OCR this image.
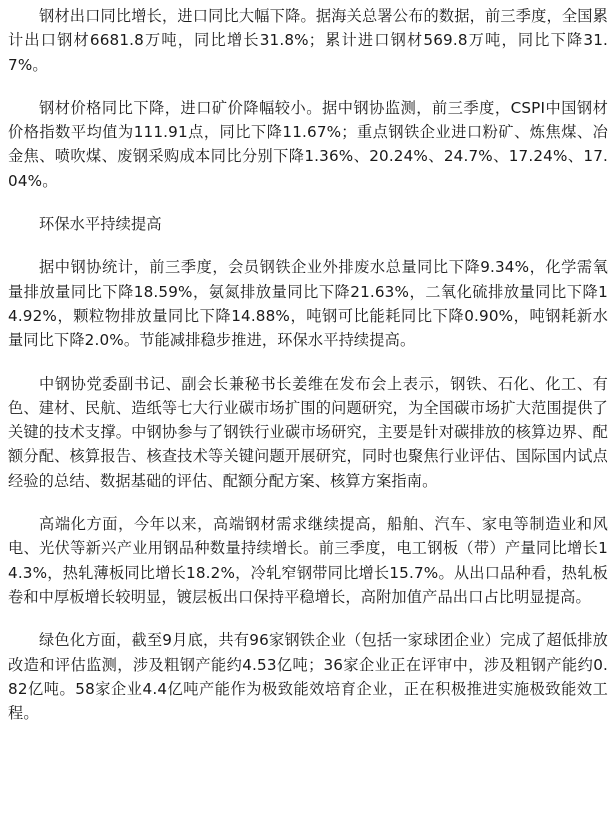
钢材出口同比增长，进口同比大幅下降。据海关总署公布的数据，前三季度，全国累计出口钢材6681.8万吨，同比增长31.8%；累计进口钢材569.8万吨，同比下降31.7%。

钢材价格同比下降，进口矿价降幅较小。据中钢协监测，前三季度，CSPI中国钢材价格指数平均值为111.91点，同比下降11.67%；重点钢铁企业进口粉矿、炼焦煤、冶金焦、喷吹煤、废钢采购成本同比分别下降1.36%、20.24%、24.7%、17.24%、17.04%。

环保水平持续提高

据中钢协统计，前三季度，会员钢铁企业外排废水总量同比下降9.34%，化学需氧量排放量同比下降18.59%，氨氮排放量同比下降21.63%，二氧化硫排放量同比下降14.92%，颗粒物排放量同比下降14.88%，吨钢可比能耗同比下降0.90%，吨钢耗新水量同比下降2.0%。节能减排稳步推进，环保水平持续提高。

中钢协党委副书记、副会长兼秘书长姜维在发布会上表示，钢铁、石化、化工、有色、建材、民航、造纸等七大行业碳市场扩围的问题研究，为全国碳市场扩大范围提供了关键的技术支撑。中钢协参与了钢铁行业碳市场研究，主要是针对碳排放的核算边界、配额分配、核算报告、核查技术等关键问题开展研究，同时也聚焦行业评估、国际国内试点经验的总结、数据基础的评估、配额分配方案、核算方案指南。

高端化方面，今年以来，高端钢材需求继续提高，船舶、汽车、家电等制造业和风电、光伏等新兴产业用钢品种数量持续增长。前三季度，电工钢板（带）产量同比增长14.3%，热轧薄板同比增长18.2%，冷轧窄钢带同比增长15.7%。从出口品种看，热轧板卷和中厚板增长较明显，镀层板出口保持平稳增长，高附加值产品出口占比明显提高。

绿色化方面，截至9月底，共有96家钢铁企业（包括一家球团企业）完成了超低排放改造和评估监测，涉及粗钢产能约4.53亿吨；36家企业正在评审中，涉及粗钢产能约0.82亿吨。58家企业4.4亿吨产能作为极致能效培育企业，正在积极推进实施极致能效工程。
